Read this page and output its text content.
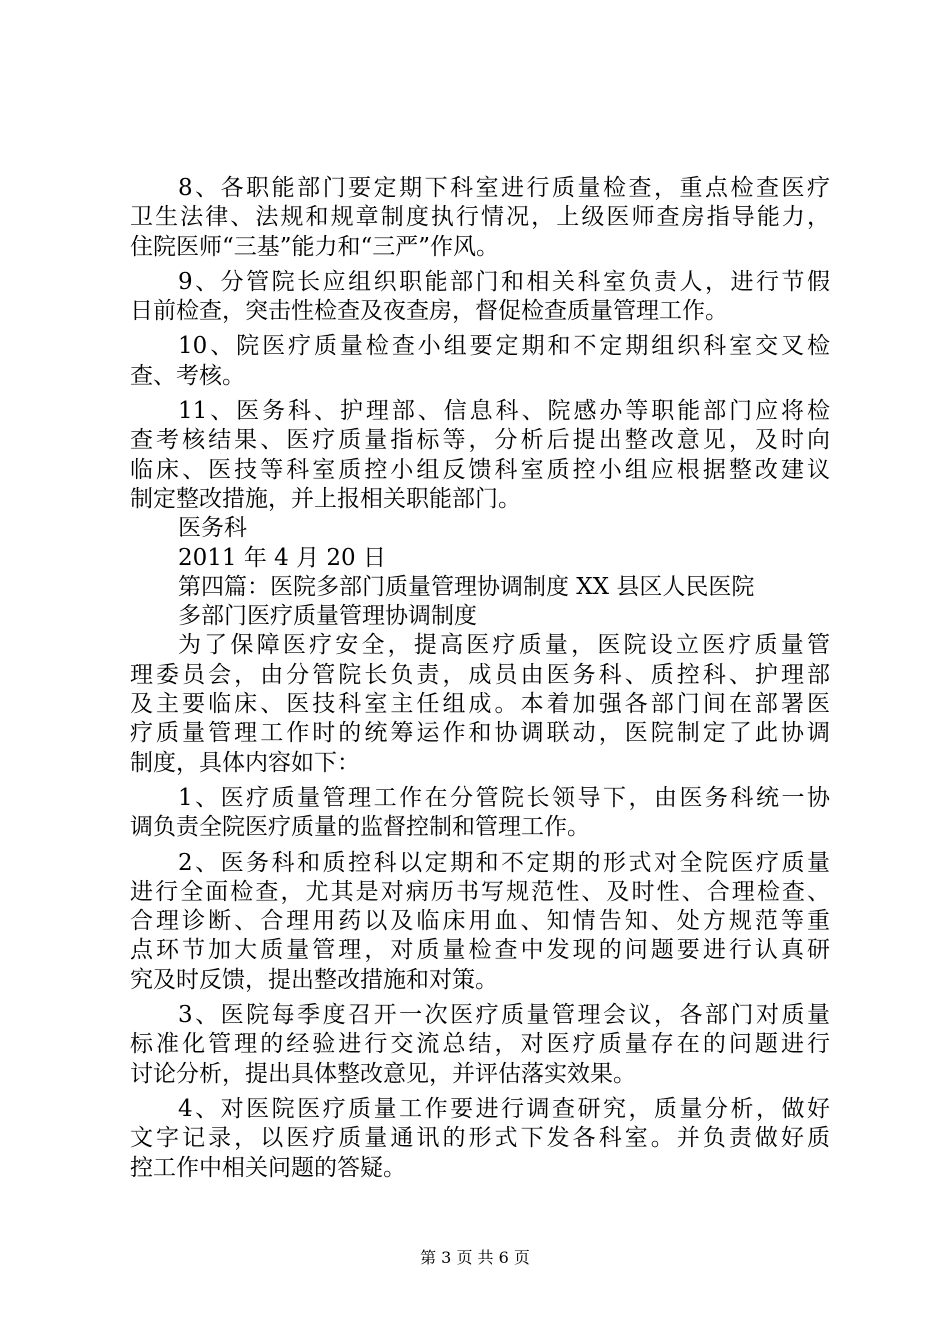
8、各职能部门要定期下科室进行质量检查，重点检查医疗
卫生法律、法规和规章制度执行情况，上级医师查房指导能力，
住院医师“三基”能力和“三严”作风。
9、分管院长应组织职能部门和相关科室负责人，进行节假
日前检查，突击性检查及夜查房，督促检查质量管理工作。
10、院医疗质量检查小组要定期和不定期组织科室交叉检
查、考核。
11、医务科、护理部、信息科、院感办等职能部门应将检
查考核结果、医疗质量指标等，分析后提出整改意见，及时向
临床、医技等科室质控小组反馈科室质控小组应根据整改建议
制定整改措施，并上报相关职能部门。
医务科
2011 年 4 月 20 日
第四篇：医院多部门质量管理协调制度 XX 县区人民医院
多部门医疗质量管理协调制度
为了保障医疗安全，提高医疗质量，医院设立医疗质量管
理委员会，由分管院长负责，成员由医务科、质控科、护理部
及主要临床、医技科室主任组成。本着加强各部门间在部署医
疗质量管理工作时的统筹运作和协调联动，医院制定了此协调
制度，具体内容如下：
1、医疗质量管理工作在分管院长领导下，由医务科统一协
调负责全院医疗质量的监督控制和管理工作。
2、医务科和质控科以定期和不定期的形式对全院医疗质量
进行全面检查，尤其是对病历书写规范性、及时性、合理检查、
合理诊断、合理用药以及临床用血、知情告知、处方规范等重
点环节加大质量管理，对质量检查中发现的问题要进行认真研
究及时反馈，提出整改措施和对策。
3、医院每季度召开一次医疗质量管理会议，各部门对质量
标准化管理的经验进行交流总结，对医疗质量存在的问题进行
讨论分析，提出具体整改意见，并评估落实效果。
4、对医院医疗质量工作要进行调查研究，质量分析，做好
文字记录，以医疗质量通讯的形式下发各科室。并负责做好质
控工作中相关问题的答疑。
第 3 页 共 6 页
